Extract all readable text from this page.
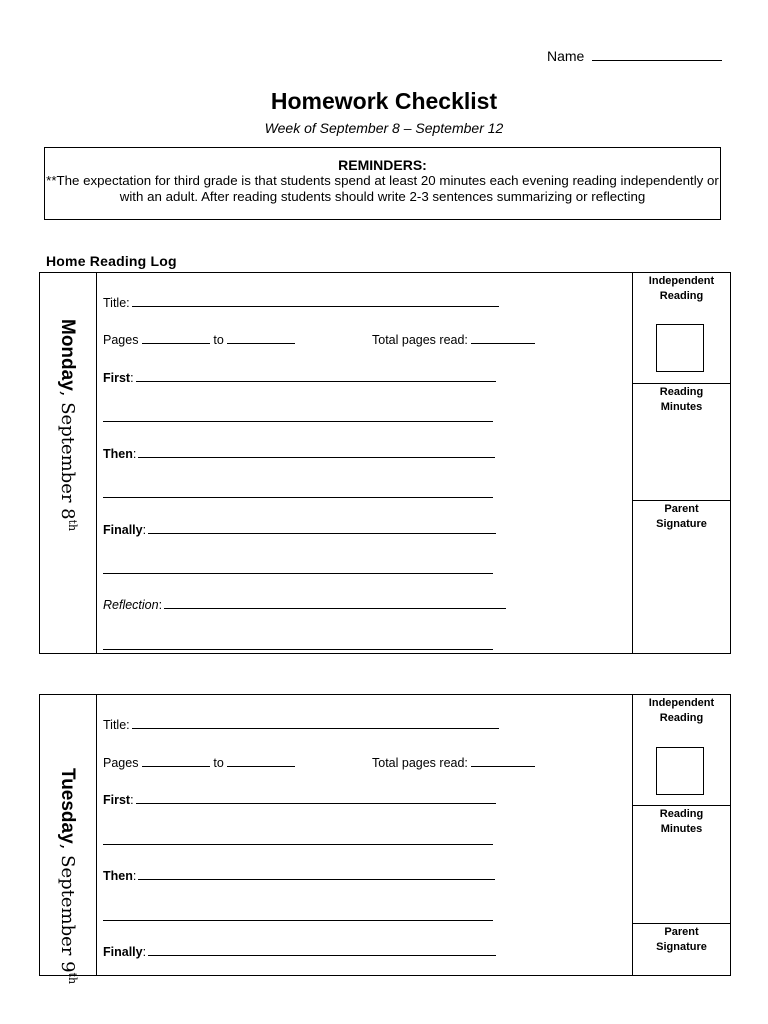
Name
Homework Checklist
Week of September 8 – September 12
REMINDERS:
**The expectation for third grade is that students spend at least 20 minutes each evening reading independently or with an adult. After reading students should write 2-3 sentences summarizing or reflecting
Home Reading Log
Monday, September 8th
Title:
Pages	to	Total pages read:
First:
Then:
Finally:
Reflection:
Independent Reading
Reading Minutes
Parent Signature
Tuesday, September 9th
Title:
Pages	to	Total pages read:
First:
Then:
Finally:
Independent Reading
Reading Minutes
Parent Signature
